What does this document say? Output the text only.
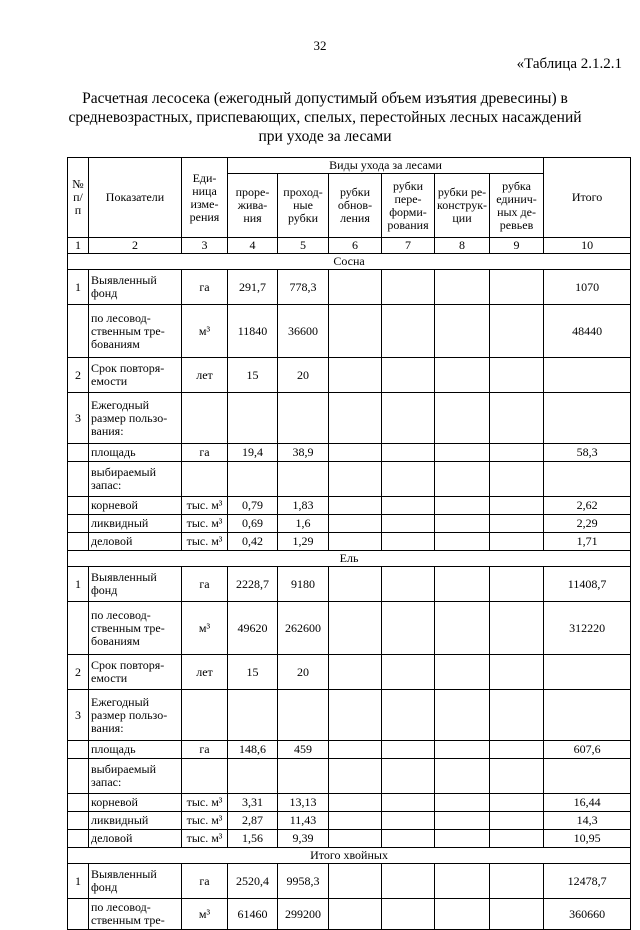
32
«Таблица 2.1.2.1
Расчетная лесосека (ежегодный допустимый объем изъятия древесины) в средневозрастных, приспевающих, спелых, перестойных лесных насаждений при уходе за лесами
№ п/п	Показатели	Еди-ница изме-рения	Виды ухода за лесами						Итого
			прорe-жива-ния	проход-ные рубки	рубки обнов-ления	рубки пере-форми-рования	рубки ре-конструк-ции	рубка единич-ных де-ревьев	
1	2	3	4	5	6	7	8	9	10
Сосна									
1	Выявленный фонд	га	291,7	778,3					1070
	по лесовод-ственным тре-бованиям	м³	11840	36600					48440
2	Срок повторя-емости	лет	15	20					
3	Ежегодный размер пользо-вания:								
	площадь	га	19,4	38,9					58,3
	выбираемый запас:								
	корневой	тыс. м³	0,79	1,83					2,62
	ликвидный	тыс. м³	0,69	1,6					2,29
	деловой	тыс. м³	0,42	1,29					1,71
Ель									
1	Выявленный фонд	га	2228,7	9180					11408,7
	по лесовод-ственным тре-бованиям	м³	49620	262600					312220
2	Срок повторя-емости	лет	15	20					
3	Ежегодный размер пользо-вания:								
	площадь	га	148,6	459					607,6
	выбираемый запас:								
	корневой	тыс. м³	3,31	13,13					16,44
	ликвидный	тыс. м³	2,87	11,43					14,3
	деловой	тыс. м³	1,56	9,39					10,95
Итого хвойных									
1	Выявленный фонд	га	2520,4	9958,3					12478,7
	по лесовод-ственным тре-	м³	61460	299200					360660
